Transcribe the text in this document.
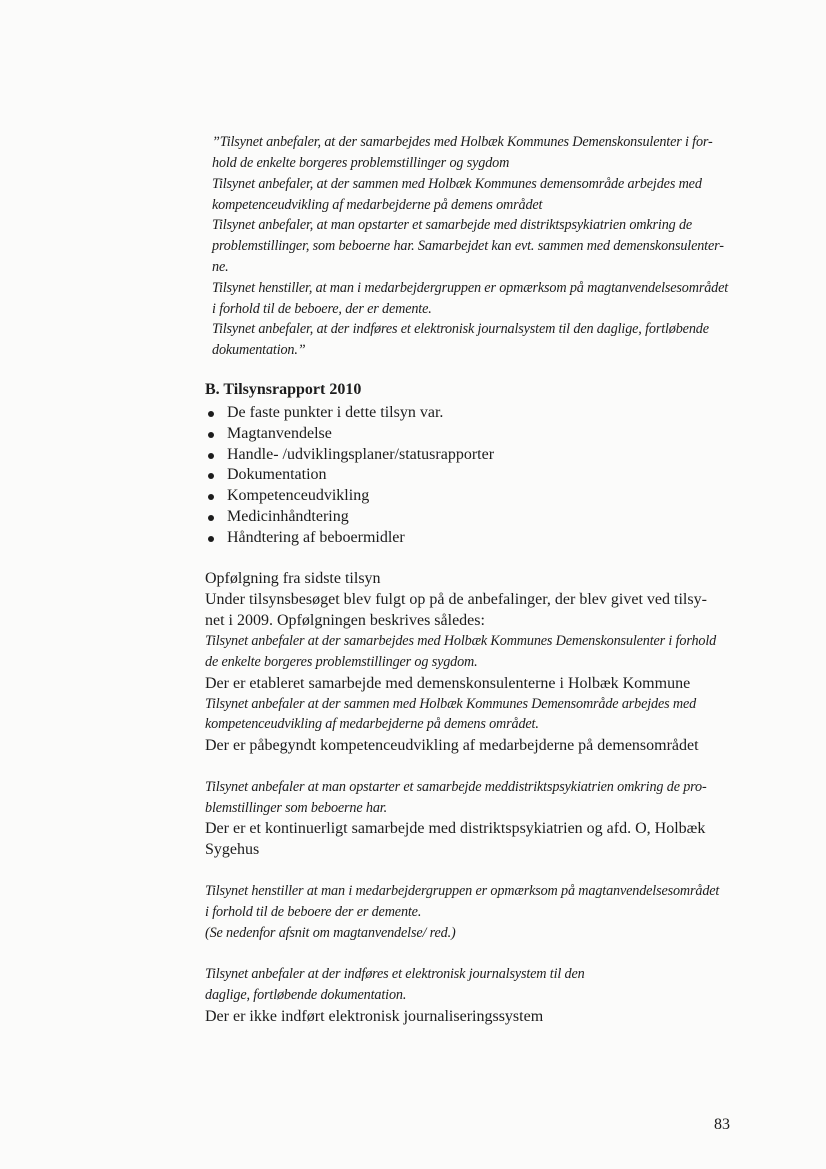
”Tilsynet anbefaler, at der samarbejdes med Holbæk Kommunes Demenskonsulenter i for-

hold de enkelte borgeres problemstillinger og sygdom

Tilsynet anbefaler, at der sammen med Holbæk Kommunes demensområde arbejdes med

kompetenceudvikling af medarbejderne på demens området

Tilsynet anbefaler, at man opstarter et samarbejde med distriktspsykiatrien omkring de

problemstillinger, som beboerne har. Samarbejdet kan evt. sammen med demenskonsulenter-

ne.

Tilsynet henstiller, at man i medarbejdergruppen er opmærksom på magtanvendelsesområdet

i forhold til de beboere, der er demente.

Tilsynet anbefaler, at der indføres et elektronisk journalsystem til den daglige, fortløbende

dokumentation.”

B. Tilsynsrapport 2010

De faste punkter i dette tilsyn var.
Magtanvendelse
Handle- /udviklingsplaner/statusrapporter
Dokumentation
Kompetenceudvikling
Medicinhåndtering
Håndtering af beboermidler

Opfølgning fra sidste tilsyn

Under tilsynsbesøget blev fulgt op på de anbefalinger, der blev givet ved tilsy-

net i 2009. Opfølgningen beskrives således:

Tilsynet anbefaler at der samarbejdes med Holbæk Kommunes Demenskonsulenter i forhold

de enkelte borgeres problemstillinger og sygdom.

Der er etableret samarbejde med demenskonsulenterne i Holbæk Kommune

Tilsynet anbefaler at der sammen med Holbæk Kommunes Demensområde arbejdes med

kompetenceudvikling af medarbejderne på demens området.

Der er påbegyndt kompetenceudvikling af medarbejderne på demensområdet

Tilsynet anbefaler at man opstarter et samarbejde meddistriktspsykiatrien omkring de pro-

blemstillinger som beboerne har.

Der er et kontinuerligt samarbejde med distriktspsykiatrien og afd. O, Holbæk

Sygehus

Tilsynet henstiller at man i medarbejdergruppen er opmærksom på magtanvendelsesområdet

i forhold til de beboere der er demente.

(Se nedenfor afsnit om magtanvendelse/ red.)

Tilsynet anbefaler at der indføres et elektronisk journalsystem til den

daglige, fortløbende dokumentation.

Der er ikke indført elektronisk journaliseringssystem

83
